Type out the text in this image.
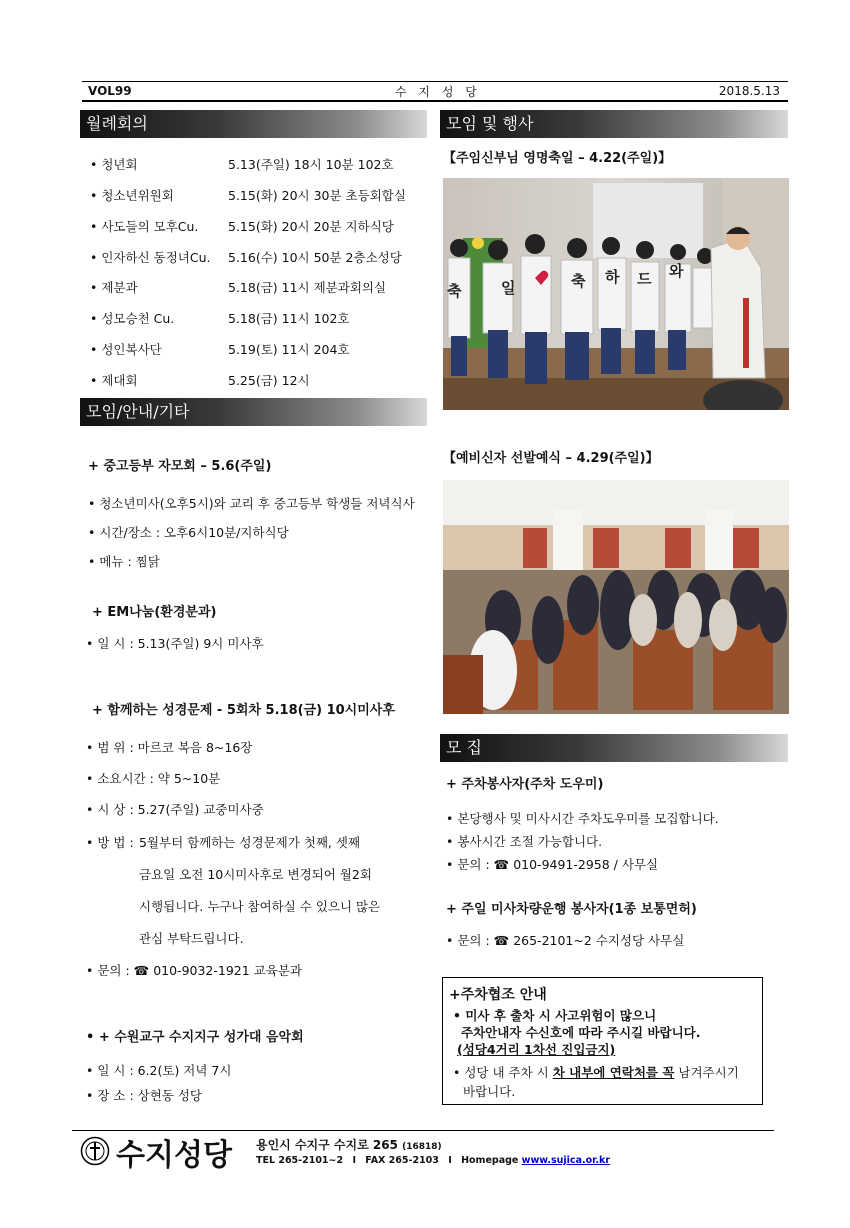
VOL99	수 지 성 당	2018.5.13
월례회의
• 청년회	5.13(주일) 18시 10분 102호
• 청소년위원회	5.15(화) 20시 30분 초등회합실
• 사도들의 모후Cu. 5.15(화) 20시 20분 지하식당
• 인자하신 동정녀Cu. 5.16(수) 10시 50분 2층소성당
• 제분과	5.18(금) 11시 제분과회의실
• 성모승천 Cu.	5.18(금) 11시 102호
• 성인복사단	5.19(토) 11시 204호
• 제대회	5.25(금) 12시
모임/안내/기타
+ 중고등부 자모회 – 5.6(주일)
• 청소년미사(오후5시)와 교리 후 중고등부 학생들 저녁식사
• 시간/장소 : 오후6시10분/지하식당
• 메뉴 : 찜닭
+ EM나눔(환경분과)
• 일 시 : 5.13(주일) 9시 미사후
+ 함께하는 성경문제 - 5회차 5.18(금) 10시미사후
• 범 위 : 마르코 복음 8~16장
• 소요시간 : 약 5~10분
• 시 상 : 5.27(주일) 교중미사중
• 방 법 : 5월부터 함께하는 성경문제가 첫째, 셋째
금요일 오전 10시미사후로 변경되어 월2회
시행됩니다. 누구나 참여하실 수 있으니 많은
관심 부탁드립니다.
• 문의 : ☎ 010-9032-1921 교육분과
• + 수원교구 수지지구 성가대 음악회
• 일 시 : 6.2(토) 저녁 7시
• 장 소 : 상현동 성당
모임 및 행사
【주임신부님 영명축일 – 4.22(주일)】
축	일	축 하 드 와
【예비신자 선발예식 – 4.29(주일)】
모 집
+ 주차봉사자(주차 도우미)
• 본당행사 및 미사시간 주차도우미를 모집합니다.
• 봉사시간 조절 가능합니다.
• 문의 : ☎ 010-9491-2958 / 사무실
+ 주일 미사차량운행 봉사자(1종 보통면허)
• 문의 : ☎ 265-2101~2 수지성당 사무실
+주차협조 안내
• 미사 후 출차 시 사고위험이 많으니
주차안내자 수신호에 따라 주시길 바랍니다.
(성당4거리 1차선 진입금지)
• 성당 내 주차 시 차 내부에 연락처를 꼭 남겨주시기
바랍니다.
수지성당 용인시 수지구 수지로 265 (16818)
TEL 265-2101~2 I FAX 265-2103 I Homepage www.sujica.or.kr
